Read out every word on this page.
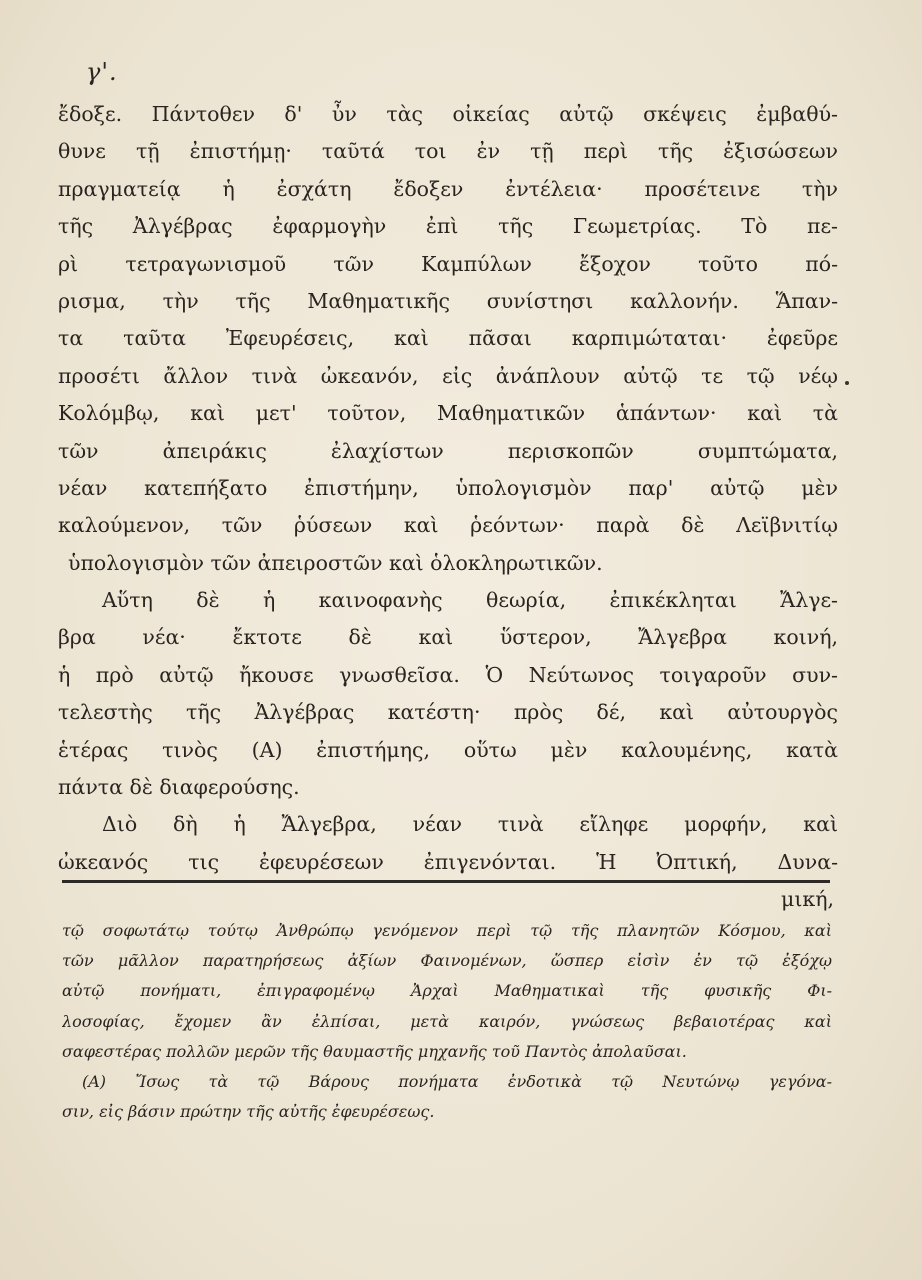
γ'.
ἔδοξε. Πάντοθεν δ' ὖν τὰς οἰκείας αὐτῷ σκέψεις ἐμβαθύ-
θυνε τῇ ἐπιστήμῃ· ταῦτά τοι ἐν τῇ περὶ τῆς ἐξισώσεων
πραγματείᾳ ἡ ἐσχάτη ἔδοξεν ἐντέλεια· προσέτεινε τὴν
τῆς Ἀλγέβρας ἐφαρμογὴν ἐπὶ τῆς Γεωμετρίας. Τὸ πε-
ρὶ τετραγωνισμοῦ τῶν Καμπύλων ἔξοχον τοῦτο πό-
ρισμα, τὴν τῆς Μαθηματικῆς συνίστησι καλλονήν. Ἅπαν-
τα ταῦτα Ἐφευρέσεις, καὶ πᾶσαι καρπιμώταται· ἐφεῦρε
προσέτι ἄλλον τινὰ ὠκεανόν, εἰς ἀνάπλουν αὐτῷ τε τῷ νέῳ
Κολόμβῳ, καὶ μετ' τοῦτον, Μαθηματικῶν ἁπάντων· καὶ τὰ
τῶν ἀπειράκις ἐλαχίστων περισκοπῶν συμπτώματα,
νέαν κατεπήξατο ἐπιστήμην, ὑπολογισμὸν παρ' αὐτῷ μὲν
καλούμενον, τῶν ῥύσεων καὶ ῥεόντων· παρὰ δὲ Λεϊβνιτίῳ
ὑπολογισμὸν τῶν ἀπειροστῶν καὶ ὁλοκληρωτικῶν.
Αὕτη δὲ ἡ καινοφανὴς θεωρία, ἐπικέκληται Ἄλγε-
βρα νέα· ἔκτοτε δὲ καὶ ὕστερον, Ἄλγεβρα κοινή,
ἡ πρὸ αὐτῷ ἤκουσε γνωσθεῖσα. Ὁ Νεύτωνος τοιγαροῦν συν-
τελεστὴς τῆς Ἀλγέβρας κατέστη· πρὸς δέ, καὶ αὐτουργὸς
ἑτέρας τινὸς (Α) ἐπιστήμης, οὕτω μὲν καλουμένης, κατὰ
πάντα δὲ διαφερούσης.
Διὸ δὴ ἡ Ἄλγεβρα, νέαν τινὰ εἴληφε μορφήν, καὶ
ὠκεανός τις ἐφευρέσεων ἐπιγενόνται. Ἡ Ὀπτική, Δυνα-
μική,
τῷ σοφωτάτῳ τούτῳ Ἀνθρώπῳ γενόμενον περὶ τῷ τῆς πλανητῶν Κόσμου, καὶ
τῶν μᾶλλον παρατηρήσεως ἀξίων Φαινομένων, ὥσπερ εἰσὶν ἐν τῷ ἐξόχῳ
αὐτῷ πονήματι, ἐπιγραφομένῳ Ἀρχαὶ Μαθηματικαὶ τῆς φυσικῆς Φι-
λοσοφίας, ἔχομεν ἂν ἐλπίσαι, μετὰ καιρόν, γνώσεως βεβαιοτέρας καὶ
σαφεστέρας πολλῶν μερῶν τῆς θαυμαστῆς μηχανῆς τοῦ Παντὸς ἀπολαῦσαι.
(Α) Ἴσως τὰ τῷ Βάρους πονήματα ἐνδοτικὰ τῷ Νευτώνῳ γεγόνα-
σιν, εἰς βάσιν πρώτην τῆς αὐτῆς ἐφευρέσεως.
